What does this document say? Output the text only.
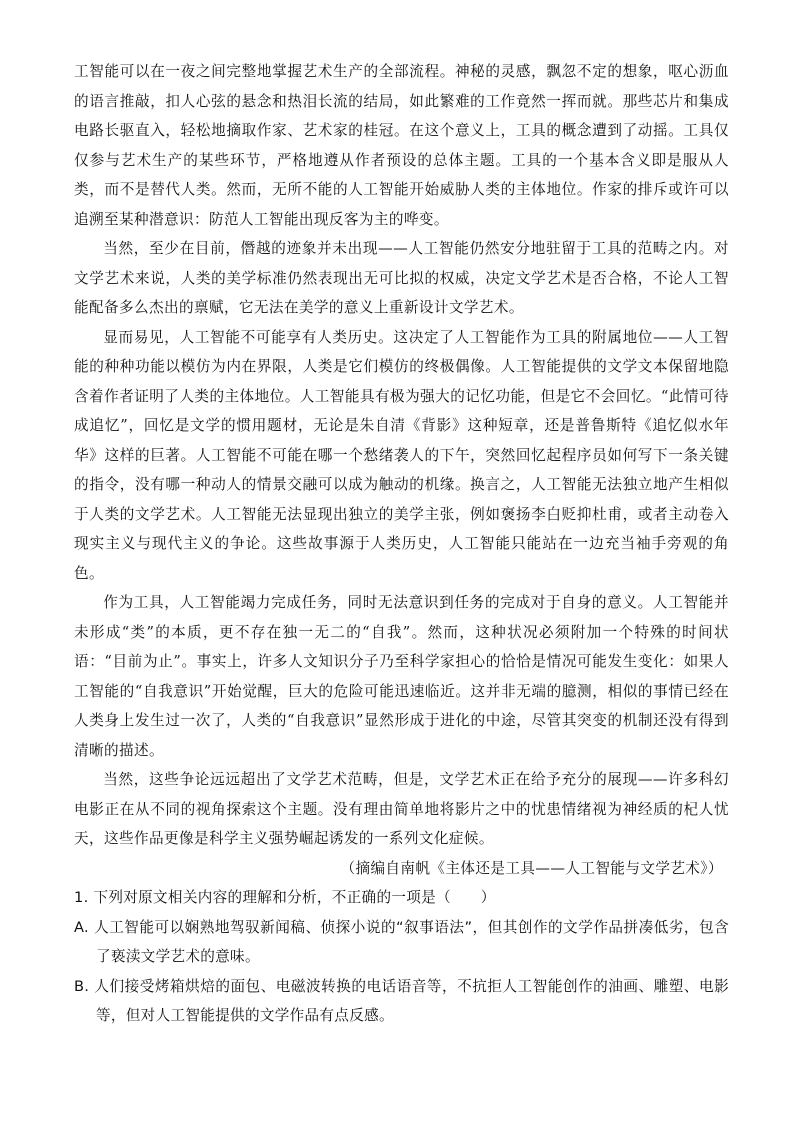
工智能可以在一夜之间完整地掌握艺术生产的全部流程。神秘的灵感，飘忽不定的想象，呕心沥血的语言推敲，扣人心弦的悬念和热泪长流的结局，如此繁难的工作竟然一挥而就。那些芯片和集成电路长驱直入，轻松地摘取作家、艺术家的桂冠。在这个意义上，工具的概念遭到了动摇。工具仅仅参与艺术生产的某些环节，严格地遵从作者预设的总体主题。工具的一个基本含义即是服从人类，而不是替代人类。然而，无所不能的人工智能开始威胁人类的主体地位。作家的排斥或许可以追溯至某种潜意识：防范人工智能出现反客为主的哗变。

当然，至少在目前，僭越的迹象并未出现——人工智能仍然安分地驻留于工具的范畴之内。对文学艺术来说，人类的美学标准仍然表现出无可比拟的权威，决定文学艺术是否合格，不论人工智能配备多么杰出的禀赋，它无法在美学的意义上重新设计文学艺术。

显而易见，人工智能不可能享有人类历史。这决定了人工智能作为工具的附属地位——人工智能的种种功能以模仿为内在界限，人类是它们模仿的终极偶像。人工智能提供的文学文本保留地隐含着作者证明了人类的主体地位。人工智能具有极为强大的记忆功能，但是它不会回忆。“此情可待成追忆”，回忆是文学的惯用题材，无论是朱自清《背影》这种短章，还是普鲁斯特《追忆似水年华》这样的巨著。人工智能不可能在哪一个愁绪袭人的下午，突然回忆起程序员如何写下一条关键的指令，没有哪一种动人的情景交融可以成为触动的机缘。换言之，人工智能无法独立地产生相似于人类的文学艺术。人工智能无法显现出独立的美学主张，例如褒扬李白贬抑杜甫，或者主动卷入现实主义与现代主义的争论。这些故事源于人类历史，人工智能只能站在一边充当袖手旁观的角色。

作为工具，人工智能竭力完成任务，同时无法意识到任务的完成对于自身的意义。人工智能并未形成“类”的本质，更不存在独一无二的“自我”。然而，这种状况必须附加一个特殊的时间状语：“目前为止”。事实上，许多人文知识分子乃至科学家担心的恰恰是情况可能发生变化：如果人工智能的“自我意识”开始觉醒，巨大的危险可能迅速临近。这并非无端的臆测，相似的事情已经在人类身上发生过一次了，人类的“自我意识”显然形成于进化的中途，尽管其突变的机制还没有得到清晰的描述。

当然，这些争论远远超出了文学艺术范畴，但是，文学艺术正在给予充分的展现——许多科幻电影正在从不同的视角探索这个主题。没有理由简单地将影片之中的忧患情绪视为神经质的杞人忧天，这些作品更像是科学主义强势崛起诱发的一系列文化症候。

（摘编自南帆《主体还是工具——人工智能与文学艺术》）

1. 下列对原文相关内容的理解和分析，不正确的一项是（　　）

A. 人工智能可以娴熟地驾驭新闻稿、侦探小说的“叙事语法”，但其创作的文学作品拼凑低劣，包含了亵渎文学艺术的意味。

B. 人们接受烤箱烘焙的面包、电磁波转换的电话语音等，不抗拒人工智能创作的油画、雕塑、电影等，但对人工智能提供的文学作品有点反感。
